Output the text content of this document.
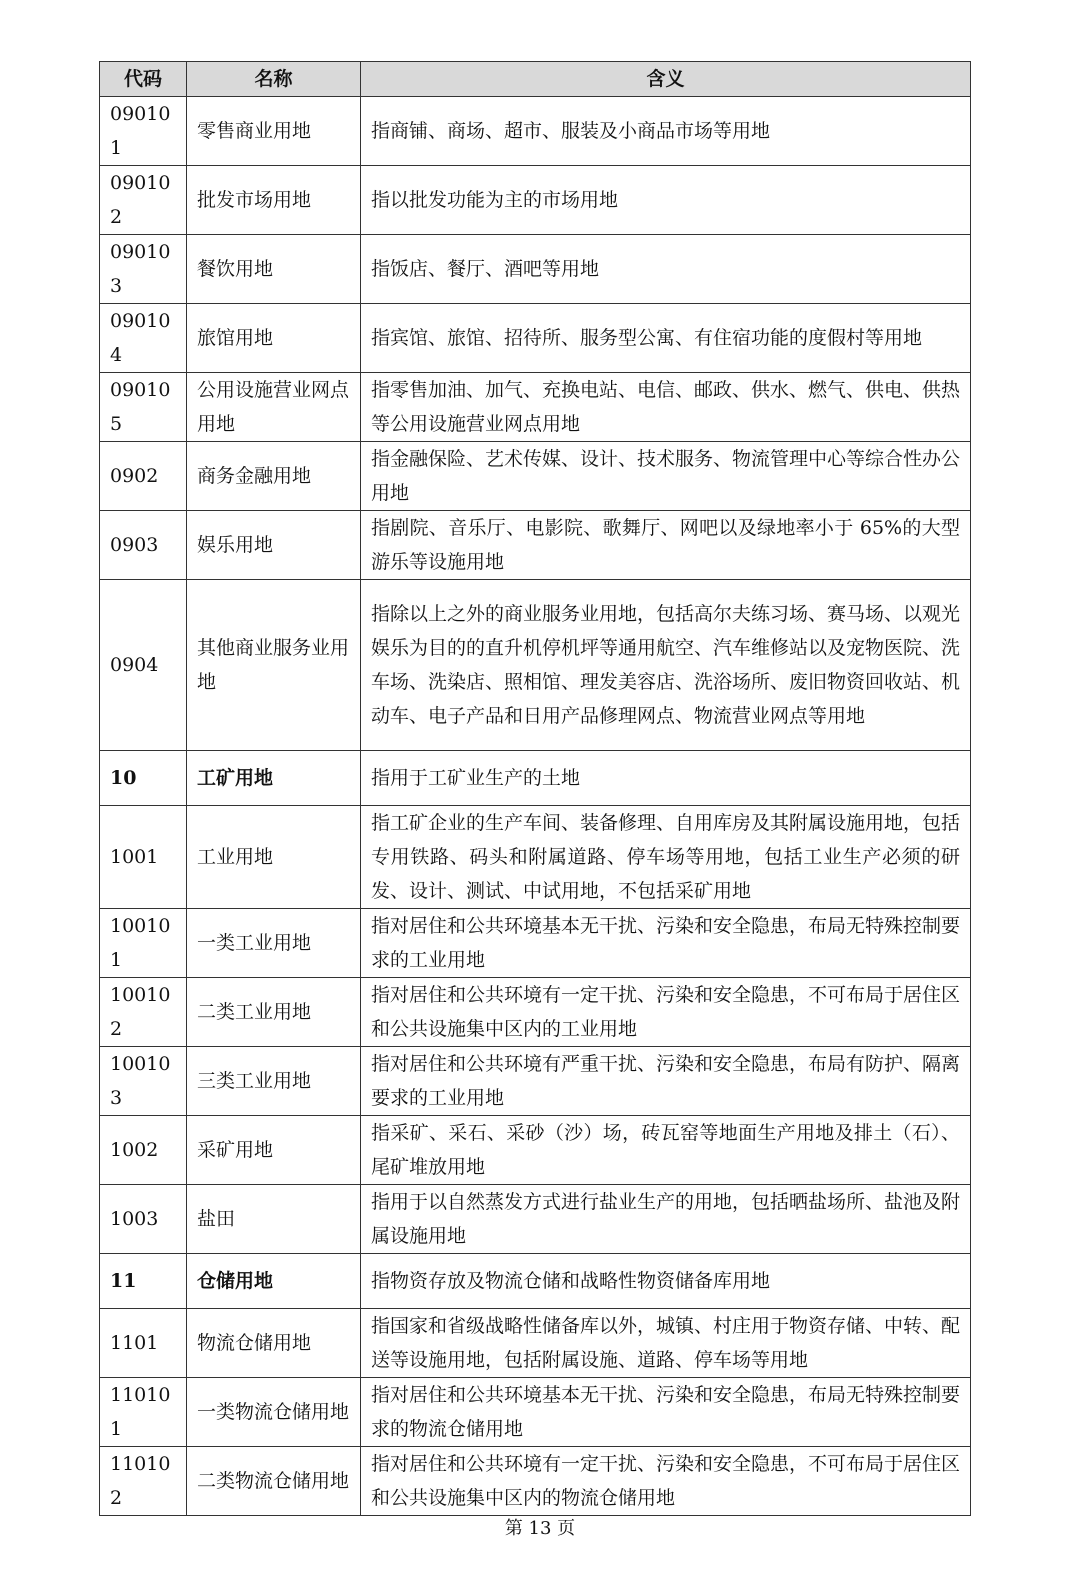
代码	名称	含义
090101	零售商业用地	指商铺、商场、超市、服装及小商品市场等用地
090102	批发市场用地	指以批发功能为主的市场用地
090103	餐饮用地	指饭店、餐厅、酒吧等用地
090104	旅馆用地	指宾馆、旅馆、招待所、服务型公寓、有住宿功能的度假村等用地
090105	公用设施营业网点用地	指零售加油、加气、充换电站、电信、邮政、供水、燃气、供电、供热等公用设施营业网点用地
0902	商务金融用地	指金融保险、艺术传媒、设计、技术服务、物流管理中心等综合性办公用地
0903	娱乐用地	指剧院、音乐厅、电影院、歌舞厅、网吧以及绿地率小于 65%的大型游乐等设施用地
0904	其他商业服务业用地	指除以上之外的商业服务业用地，包括高尔夫练习场、赛马场、以观光娱乐为目的的直升机停机坪等通用航空、汽车维修站以及宠物医院、洗车场、洗染店、照相馆、理发美容店、洗浴场所、废旧物资回收站、机动车、电子产品和日用产品修理网点、物流营业网点等用地
10	工矿用地	指用于工矿业生产的土地
1001	工业用地	指工矿企业的生产车间、装备修理、自用库房及其附属设施用地，包括专用铁路、码头和附属道路、停车场等用地，包括工业生产必须的研发、设计、测试、中试用地，不包括采矿用地
100101	一类工业用地	指对居住和公共环境基本无干扰、污染和安全隐患，布局无特殊控制要求的工业用地
100102	二类工业用地	指对居住和公共环境有一定干扰、污染和安全隐患，不可布局于居住区和公共设施集中区内的工业用地
100103	三类工业用地	指对居住和公共环境有严重干扰、污染和安全隐患，布局有防护、隔离要求的工业用地
1002	采矿用地	指采矿、采石、采砂（沙）场，砖瓦窑等地面生产用地及排土（石）、尾矿堆放用地
1003	盐田	指用于以自然蒸发方式进行盐业生产的用地，包括晒盐场所、盐池及附属设施用地
11	仓储用地	指物资存放及物流仓储和战略性物资储备库用地
1101	物流仓储用地	指国家和省级战略性储备库以外，城镇、村庄用于物资存储、中转、配送等设施用地，包括附属设施、道路、停车场等用地
110101	一类物流仓储用地	指对居住和公共环境基本无干扰、污染和安全隐患，布局无特殊控制要求的物流仓储用地
110102	二类物流仓储用地	指对居住和公共环境有一定干扰、污染和安全隐患，不可布局于居住区和公共设施集中区内的物流仓储用地
第 13 页
